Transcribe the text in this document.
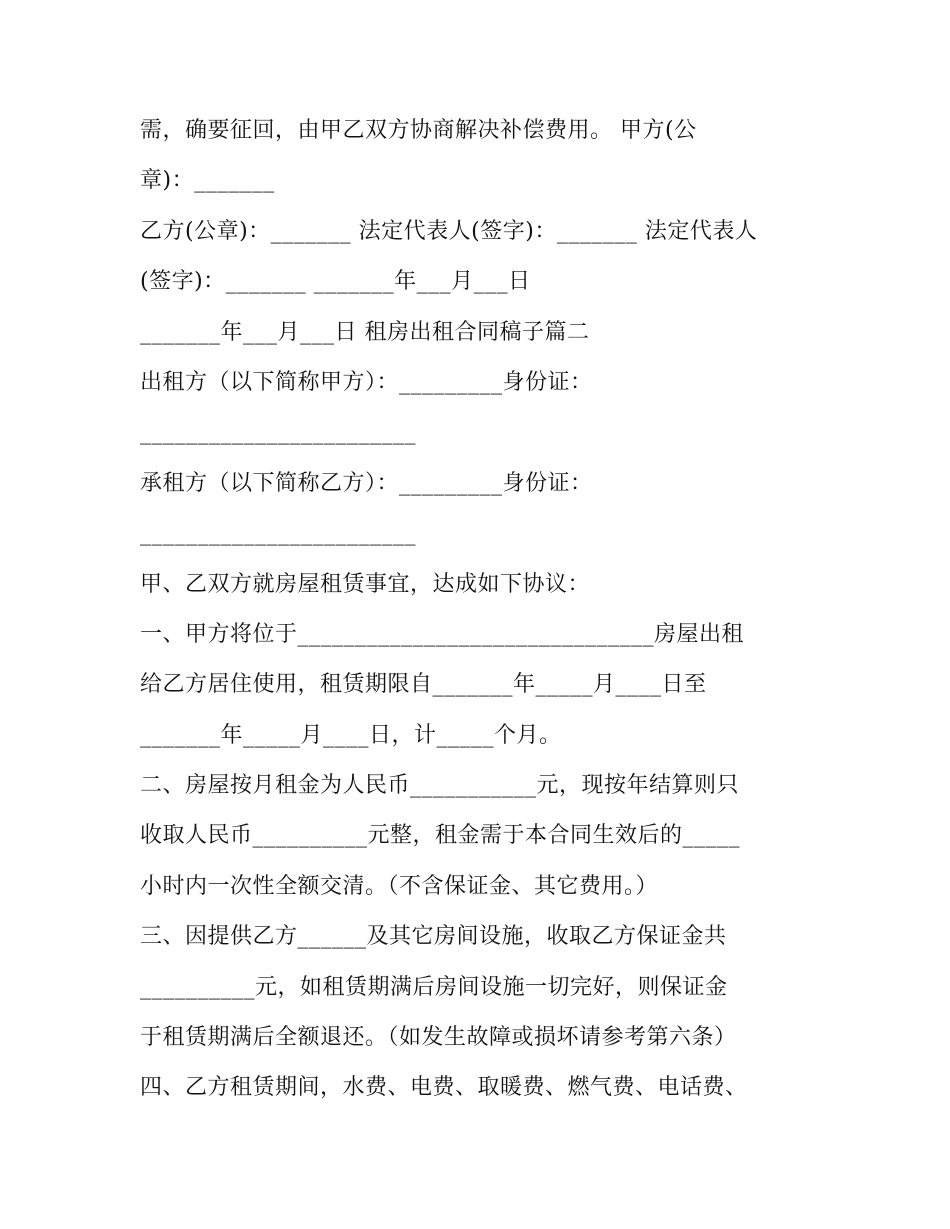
需，确要征回，由甲乙双方协商解决补偿费用。 甲方(公
章)：_______
乙方(公章)：_______ 法定代表人(签字)：_______ 法定代表人
(签字)：_______ _______年___月___日
_______年___月___日 租房出租合同稿子篇二
出租方（以下简称甲方）：_________身份证：
________________________
承租方（以下简称乙方）：_________身份证：
________________________
甲、乙双方就房屋租赁事宜，达成如下协议：
一、甲方将位于_______________________________房屋出租
给乙方居住使用，租赁期限自_______年_____月____日至
_______年_____月____日，计_____个月。
二、房屋按月租金为人民币___________元，现按年结算则只
收取人民币__________元整，租金需于本合同生效后的_____
小时内一次性全额交清。（不含保证金、其它费用。）
三、因提供乙方______及其它房间设施，收取乙方保证金共
__________元，如租赁期满后房间设施一切完好，则保证金
于租赁期满后全额退还。（如发生故障或损坏请参考第六条）
四、乙方租赁期间，水费、电费、取暖费、燃气费、电话费、
